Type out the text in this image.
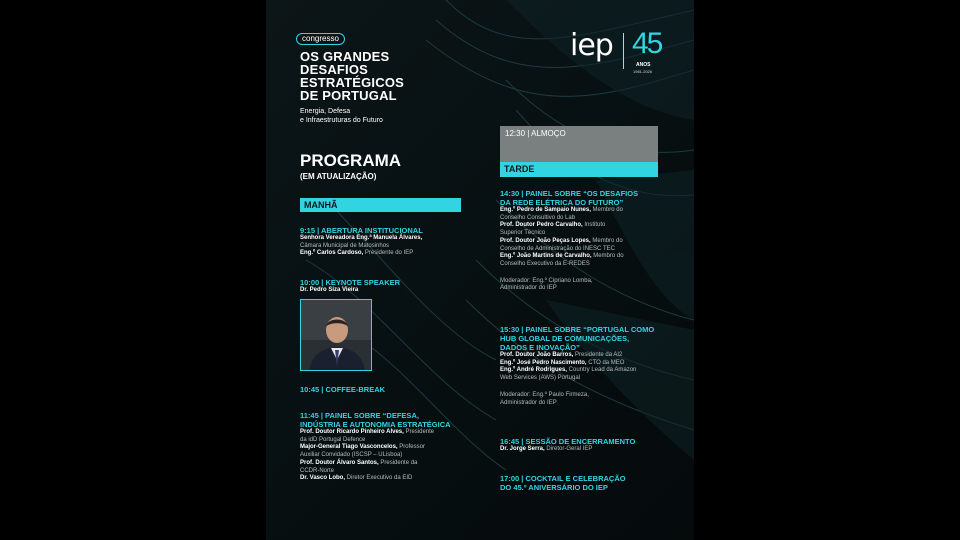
congresso
OS GRANDES
DESAFIOS
ESTRATÉGICOS
DE PORTUGAL
Energia, Defesa
e Infraestruturas do Futuro
iep 45
ANOS
1981-2026
PROGRAMA
(EM ATUALIZAÇÃO)
MANHÃ
9:15 | ABERTURA INSTITUCIONAL
Senhora Vereadora Eng.ª Manuela Álvares,
Câmara Municipal de Matosinhos
Eng.º Carlos Cardoso, Presidente do IEP
10:00 | KEYNOTE SPEAKER
Dr. Pedro Siza Vieira
10:45 | COFFEE-BREAK
11:45 | PAINEL SOBRE “DEFESA,
INDÚSTRIA E AUTONOMIA ESTRATÉGICA
Prof. Doutor Ricardo Pinheiro Alves, Presidente
da idD Portugal Defence
Major-General Tiago Vasconcelos, Professor
Auxiliar Convidado (ISCSP – ULisboa)
Prof. Doutor Álvaro Santos, Presidente da
CCDR-Norte
Dr. Vasco Lobo, Diretor Executivo da EID
12:30 | ALMOÇO
TARDE
14:30 | PAINEL SOBRE “OS DESAFIOS
DA REDE ELÉTRICA DO FUTURO”
Eng.º Pedro de Sampaio Nunes, Membro do
Conselho Consultivo do Lab
Prof. Doutor Pedro Carvalho, Instituto
Superior Técnico
Prof. Doutor João Peças Lopes, Membro do
Conselho de Administração do INESC TEC
Eng.º João Martins de Carvalho, Membro do
Conselho Executivo da E-REDES
Moderador: Eng.º Cipriano Lomba,
Administrador do IEP
15:30 | PAINEL SOBRE “PORTUGAL COMO
HUB GLOBAL DE COMUNICAÇÕES,
DADOS E INOVAÇÃO”
Prof. Doutor João Barros, Presidente da AI2
Eng.º José Pedro Nascimento, CTO da MEO
Eng.º André Rodrigues, Country Lead da Amazon
Web Services (AWS) Portugal
Moderador: Eng.º Paulo Firmeza,
Administrador do IEP
16:45 | SESSÃO DE ENCERRAMENTO
Dr. Jorge Serra, Diretor-Geral IEP
17:00 | COCKTAIL E CELEBRAÇÃO
DO 45.º ANIVERSÁRIO DO IEP
